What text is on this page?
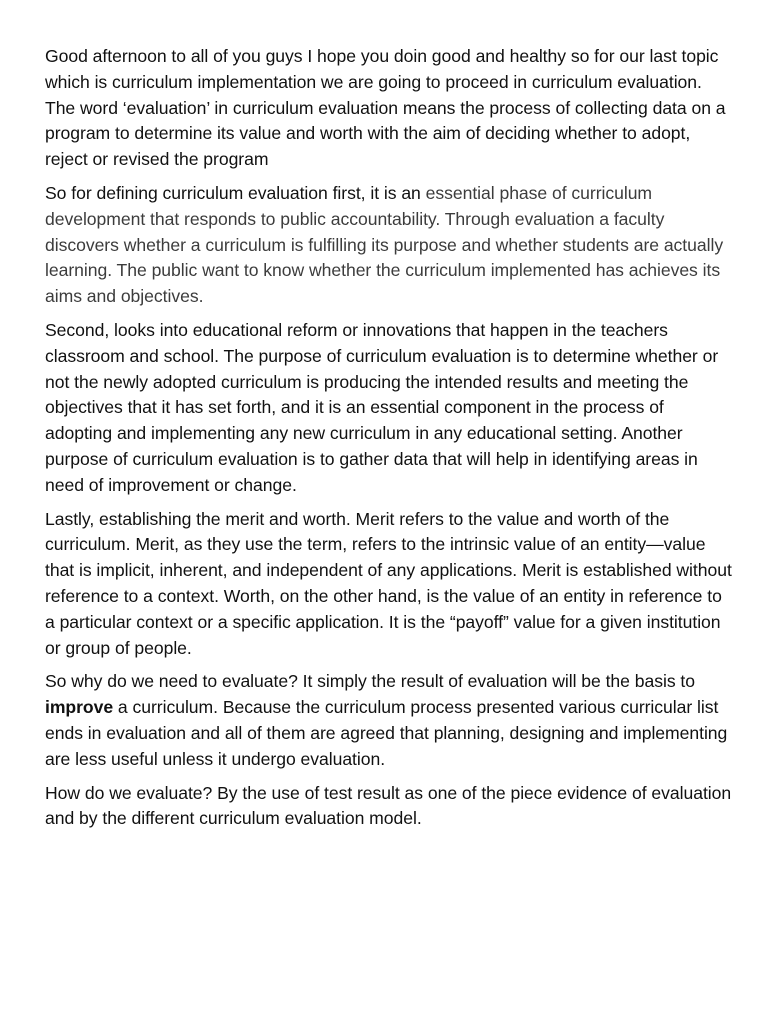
Good afternoon to all of you guys I hope you doin good and healthy so for our last topic which is curriculum implementation we are going to proceed in curriculum evaluation. The word ‘evaluation’ in curriculum evaluation means the process of collecting data on a program to determine its value and worth with the aim of deciding whether to adopt, reject or revised the program

So for defining curriculum evaluation first, it is an essential phase of curriculum development that responds to public accountability. Through evaluation a faculty discovers whether a curriculum is fulfilling its purpose and whether students are actually learning. The public want to know whether the curriculum implemented has achieves its aims and objectives.

Second, looks into educational reform or innovations that happen in the teachers classroom and school. The purpose of curriculum evaluation is to determine whether or not the newly adopted curriculum is producing the intended results and meeting the objectives that it has set forth, and it is an essential component in the process of adopting and implementing any new curriculum in any educational setting. Another purpose of curriculum evaluation is to gather data that will help in identifying areas in need of improvement or change.

Lastly, establishing the merit and worth. Merit refers to the value and worth of the curriculum. Merit, as they use the term, refers to the intrinsic value of an entity—value that is implicit, inherent, and independent of any applications. Merit is established without reference to a context. Worth, on the other hand, is the value of an entity in reference to a particular context or a specific application. It is the “payoff” value for a given institution or group of people.

So why do we need to evaluate? It simply the result of evaluation will be the basis to improve a curriculum. Because the curriculum process presented various curricular list ends in evaluation and all of them are agreed that planning, designing and implementing are less useful unless it undergo evaluation.

How do we evaluate? By the use of test result as one of the piece evidence of evaluation and by the different curriculum evaluation model.
